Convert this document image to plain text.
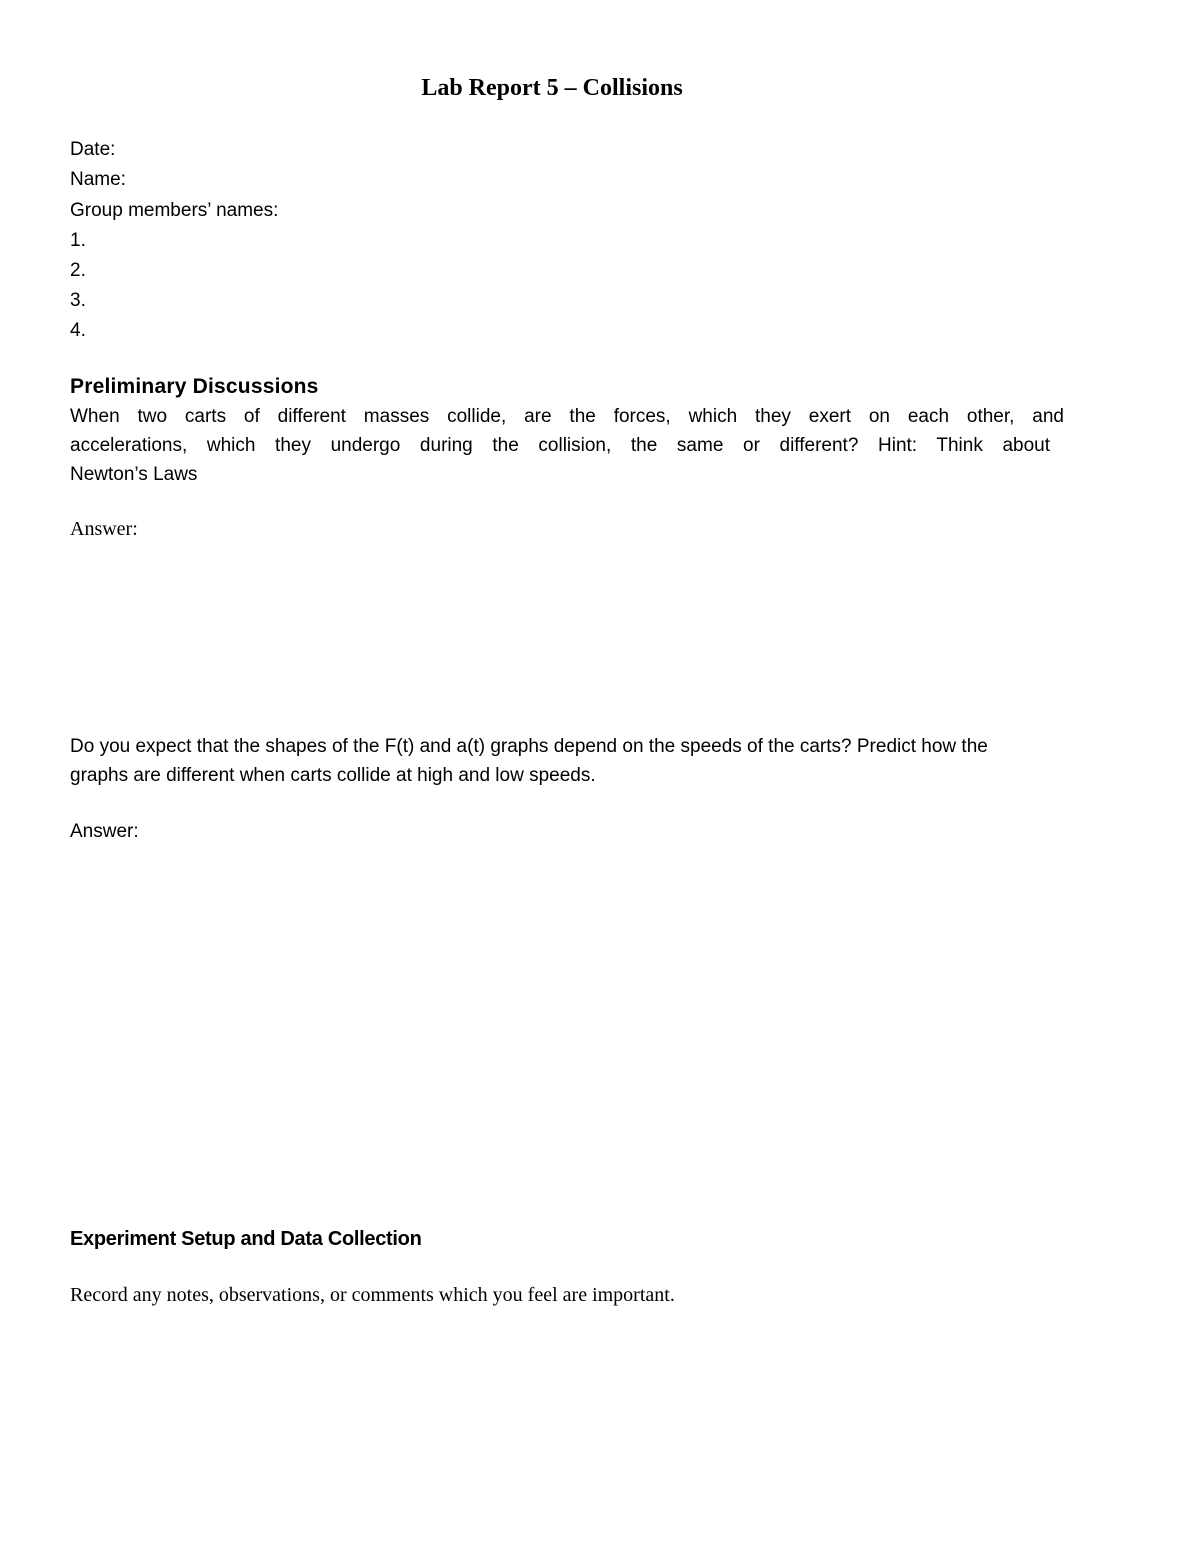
Lab Report 5 – Collisions
Date:
Name:
Group members’ names:
1.
2.
3.
4.
Preliminary Discussions
When two carts of different masses collide, are the forces, which they exert on each other, and
accelerations, which they undergo during the collision, the same or different? Hint: Think about
Newton’s Laws
Answer:
Do you expect that the shapes of the F(t) and a(t) graphs depend on the speeds of the carts? Predict how the
graphs are different when carts collide at high and low speeds.
Answer:
Experiment Setup and Data Collection
Record any notes, observations, or comments which you feel are important.
